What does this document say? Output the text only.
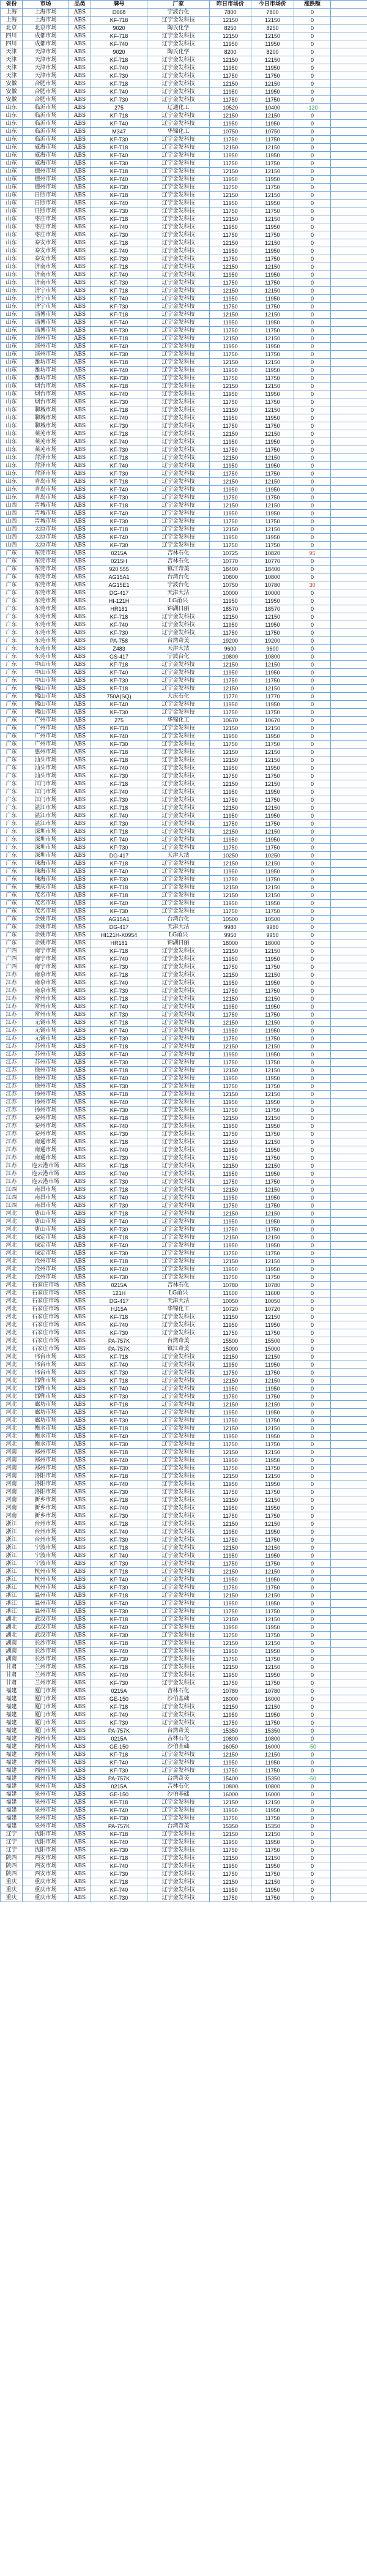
省份	市场	品类	牌号	厂家	昨日市场价	今日市场价	涨跌额	
上海	上海市场	ABS	D668	宁波台化	7800	7800	0	
上海	上海市场	ABS	KF-718	辽宁金发科技	12150	12150	0	
北京	北京市场	ABS	9020	陶氏化学	8250	8250	0	
四川	成都市场	ABS	KF-718	辽宁金发科技	12150	12150	0	
四川	成都市场	ABS	KF-740	辽宁金发科技	11950	11950	0	
天津	天津市场	ABS	9020	陶氏化学	8200	8200	0	
天津	天津市场	ABS	KF-718	辽宁金发科技	12150	12150	0	
天津	天津市场	ABS	KF-740	辽宁金发科技	11950	11950	0	
天津	天津市场	ABS	KF-730	辽宁金发科技	11750	11750	0	
安徽	合肥市场	ABS	KF-718	辽宁金发科技	12150	12150	0	
安徽	合肥市场	ABS	KF-740	辽宁金发科技	11950	11950	0	
安徽	合肥市场	ABS	KF-730	辽宁金发科技	11750	11750	0	
山东	临沂市场	ABS	275	辽通化工	10520	10400	-120	
山东	临沂市场	ABS	KF-718	辽宁金发科技	12150	12150	0	
山东	临沂市场	ABS	KF-740	辽宁金发科技	11950	11950	0	
山东	临沂市场	ABS	M347	华锦化工	10750	10750	0	
山东	临沂市场	ABS	KF-730	辽宁金发科技	11750	11750	0	
山东	威海市场	ABS	KF-718	辽宁金发科技	12150	12150	0	
山东	威海市场	ABS	KF-740	辽宁金发科技	11950	11950	0	
山东	威海市场	ABS	KF-730	辽宁金发科技	11750	11750	0	
山东	德州市场	ABS	KF-718	辽宁金发科技	12150	12150	0	
山东	德州市场	ABS	KF-740	辽宁金发科技	11950	11950	0	
山东	德州市场	ABS	KF-730	辽宁金发科技	11750	11750	0	
山东	日照市场	ABS	KF-718	辽宁金发科技	12150	12150	0	
山东	日照市场	ABS	KF-740	辽宁金发科技	11950	11950	0	
山东	日照市场	ABS	KF-730	辽宁金发科技	11750	11750	0	
山东	枣庄市场	ABS	KF-718	辽宁金发科技	12150	12150	0	
山东	枣庄市场	ABS	KF-740	辽宁金发科技	11950	11950	0	
山东	枣庄市场	ABS	KF-730	辽宁金发科技	11750	11750	0	
山东	泰安市场	ABS	KF-718	辽宁金发科技	12150	12150	0	
山东	泰安市场	ABS	KF-740	辽宁金发科技	11950	11950	0	
山东	泰安市场	ABS	KF-730	辽宁金发科技	11750	11750	0	
山东	济南市场	ABS	KF-718	辽宁金发科技	12150	12150	0	
山东	济南市场	ABS	KF-740	辽宁金发科技	11950	11950	0	
山东	济南市场	ABS	KF-730	辽宁金发科技	11750	11750	0	
山东	济宁市场	ABS	KF-718	辽宁金发科技	12150	12150	0	
山东	济宁市场	ABS	KF-740	辽宁金发科技	11950	11950	0	
山东	济宁市场	ABS	KF-730	辽宁金发科技	11750	11750	0	
山东	淄博市场	ABS	KF-718	辽宁金发科技	12150	12150	0	
山东	淄博市场	ABS	KF-740	辽宁金发科技	11950	11950	0	
山东	淄博市场	ABS	KF-730	辽宁金发科技	11750	11750	0	
山东	滨州市场	ABS	KF-718	辽宁金发科技	12150	12150	0	
山东	滨州市场	ABS	KF-740	辽宁金发科技	11950	11950	0	
山东	滨州市场	ABS	KF-730	辽宁金发科技	11750	11750	0	
山东	潍坊市场	ABS	KF-718	辽宁金发科技	12150	12150	0	
山东	潍坊市场	ABS	KF-740	辽宁金发科技	11950	11950	0	
山东	潍坊市场	ABS	KF-730	辽宁金发科技	11750	11750	0	
山东	烟台市场	ABS	KF-718	辽宁金发科技	12150	12150	0	
山东	烟台市场	ABS	KF-740	辽宁金发科技	11950	11950	0	
山东	烟台市场	ABS	KF-730	辽宁金发科技	11750	11750	0	
山东	聊城市场	ABS	KF-718	辽宁金发科技	12150	12150	0	
山东	聊城市场	ABS	KF-740	辽宁金发科技	11950	11950	0	
山东	聊城市场	ABS	KF-730	辽宁金发科技	11750	11750	0	
山东	莱芜市场	ABS	KF-718	辽宁金发科技	12150	12150	0	
山东	莱芜市场	ABS	KF-740	辽宁金发科技	11950	11950	0	
山东	莱芜市场	ABS	KF-730	辽宁金发科技	11750	11750	0	
山东	菏泽市场	ABS	KF-718	辽宁金发科技	12150	12150	0	
山东	菏泽市场	ABS	KF-740	辽宁金发科技	11950	11950	0	
山东	菏泽市场	ABS	KF-730	辽宁金发科技	11750	11750	0	
山东	青岛市场	ABS	KF-718	辽宁金发科技	12150	12150	0	
山东	青岛市场	ABS	KF-740	辽宁金发科技	11950	11950	0	
山东	青岛市场	ABS	KF-730	辽宁金发科技	11750	11750	0	
山西	晋城市场	ABS	KF-718	辽宁金发科技	12150	12150	0	
山西	晋城市场	ABS	KF-740	辽宁金发科技	11950	11950	0	
山西	晋城市场	ABS	KF-730	辽宁金发科技	11750	11750	0	
山西	太原市场	ABS	KF-718	辽宁金发科技	12150	12150	0	
山西	太原市场	ABS	KF-740	辽宁金发科技	11950	11950	0	
山西	太原市场	ABS	KF-730	辽宁金发科技	11750	11750	0	
广东	东莞市场	ABS	0215A	吉林石化	10725	10820	95	
广东	东莞市场	ABS	0215H	吉林石化	10770	10770	0	
广东	东莞市场	ABS	920 555	镇江奇美	18400	18400	0	
广东	东莞市场	ABS	AG15A1	台湾台化	10800	10800	0	
广东	东莞市场	ABS	AG15E1	宁波台化	10750	10780	30	
广东	东莞市场	ABS	DG-417	天津大沽	10000	10000	0	
广东	东莞市场	ABS	HI-121H	LG甬兴	11950	11950	0	
广东	东莞市场	ABS	HR181	锦湖日丽	18570	18570	0	
广东	东莞市场	ABS	KF-718	辽宁金发科技	12150	12150	0	
广东	东莞市场	ABS	KF-740	辽宁金发科技	11950	11950	0	
广东	东莞市场	ABS	KF-730	辽宁金发科技	11750	11750	0	
广东	东莞市场	ABS	PA-758	台湾奇美	19200	19200	0	
广东	东莞市场	ABS	Z483	天津大沽	9600	9600	0	
广东	东莞市场	ABS	GS-417	宁波台化	10800	10800	0	
广东	中山市场	ABS	KF-718	辽宁金发科技	12150	12150	0	
广东	中山市场	ABS	KF-740	辽宁金发科技	11950	11950	0	
广东	中山市场	ABS	KF-730	辽宁金发科技	11750	11750	0	
广东	佛山市场	ABS	KF-718	辽宁金发科技	12150	12150	0	
广东	佛山市场	ABS	750A(SQ)	大庆石化	11770	11770	0	
广东	佛山市场	ABS	KF-740	辽宁金发科技	11950	11950	0	
广东	佛山市场	ABS	KF-730	辽宁金发科技	11750	11750	0	
广东	广州市场	ABS	275	华锦化工	10670	10670	0	
广东	广州市场	ABS	KF-718	辽宁金发科技	12150	12150	0	
广东	广州市场	ABS	KF-740	辽宁金发科技	11950	11950	0	
广东	广州市场	ABS	KF-730	辽宁金发科技	11750	11750	0	
广东	惠州市场	ABS	KF-718	辽宁金发科技	12150	12150	0	
广东	汕头市场	ABS	KF-718	辽宁金发科技	12150	12150	0	
广东	汕头市场	ABS	KF-740	辽宁金发科技	11950	11950	0	
广东	汕头市场	ABS	KF-730	辽宁金发科技	11750	11750	0	
广东	江门市场	ABS	KF-718	辽宁金发科技	12150	12150	0	
广东	江门市场	ABS	KF-740	辽宁金发科技	11950	11950	0	
广东	江门市场	ABS	KF-730	辽宁金发科技	11750	11750	0	
广东	湛江市场	ABS	KF-718	辽宁金发科技	12150	12150	0	
广东	湛江市场	ABS	KF-740	辽宁金发科技	11950	11950	0	
广东	湛江市场	ABS	KF-730	辽宁金发科技	11750	11750	0	
广东	深圳市场	ABS	KF-718	辽宁金发科技	12150	12150	0	
广东	深圳市场	ABS	KF-740	辽宁金发科技	11950	11950	0	
广东	深圳市场	ABS	KF-730	辽宁金发科技	11750	11750	0	
广东	深圳市场	ABS	DG-417	天津大沽	10250	10250	0	
广东	珠海市场	ABS	KF-718	辽宁金发科技	12150	12150	0	
广东	珠海市场	ABS	KF-740	辽宁金发科技	11950	11950	0	
广东	珠海市场	ABS	KF-730	辽宁金发科技	11750	11750	0	
广东	肇庆市场	ABS	KF-718	辽宁金发科技	12150	12150	0	
广东	茂名市场	ABS	KF-718	辽宁金发科技	12150	12150	0	
广东	茂名市场	ABS	KF-740	辽宁金发科技	11950	11950	0	
广东	茂名市场	ABS	KF-730	辽宁金发科技	11750	11750	0	
广东	余姚市场	ABS	AG15A1	台湾台化	10500	10500	0	
广东	余姚市场	ABS	DG-417	天津大沽	9980	9980	0	
广东	余姚市场	ABS	HI121H-X0954	LG甬兴	9950	9950	0	
广东	余姚市场	ABS	HR181	锦湖日丽	18000	18000	0	
广西	南宁市场	ABS	KF-718	辽宁金发科技	12150	12150	0	
广西	南宁市场	ABS	KF-740	辽宁金发科技	11950	11950	0	
广西	南宁市场	ABS	KF-730	辽宁金发科技	11750	11750	0	
江苏	南京市场	ABS	KF-718	辽宁金发科技	12150	12150	0	
江苏	南京市场	ABS	KF-740	辽宁金发科技	11950	11950	0	
江苏	南京市场	ABS	KF-730	辽宁金发科技	11750	11750	0	
江苏	常州市场	ABS	KF-718	辽宁金发科技	12150	12150	0	
江苏	常州市场	ABS	KF-740	辽宁金发科技	11950	11950	0	
江苏	常州市场	ABS	KF-730	辽宁金发科技	11750	11750	0	
江苏	无锡市场	ABS	KF-718	辽宁金发科技	12150	12150	0	
江苏	无锡市场	ABS	KF-740	辽宁金发科技	11950	11950	0	
江苏	无锡市场	ABS	KF-730	辽宁金发科技	11750	11750	0	
江苏	苏州市场	ABS	KF-718	辽宁金发科技	12150	12150	0	
江苏	苏州市场	ABS	KF-740	辽宁金发科技	11950	11950	0	
江苏	苏州市场	ABS	KF-730	辽宁金发科技	11750	11750	0	
江苏	徐州市场	ABS	KF-718	辽宁金发科技	12150	12150	0	
江苏	徐州市场	ABS	KF-740	辽宁金发科技	11950	11950	0	
江苏	徐州市场	ABS	KF-730	辽宁金发科技	11750	11750	0	
江苏	扬州市场	ABS	KF-718	辽宁金发科技	12150	12150	0	
江苏	扬州市场	ABS	KF-740	辽宁金发科技	11950	11950	0	
江苏	扬州市场	ABS	KF-730	辽宁金发科技	11750	11750	0	
江苏	泰州市场	ABS	KF-718	辽宁金发科技	12150	12150	0	
江苏	泰州市场	ABS	KF-740	辽宁金发科技	11950	11950	0	
江苏	泰州市场	ABS	KF-730	辽宁金发科技	11750	11750	0	
江苏	南通市场	ABS	KF-718	辽宁金发科技	12150	12150	0	
江苏	南通市场	ABS	KF-740	辽宁金发科技	11950	11950	0	
江苏	南通市场	ABS	KF-730	辽宁金发科技	11750	11750	0	
江苏	连云港市场	ABS	KF-718	辽宁金发科技	12150	12150	0	
江苏	连云港市场	ABS	KF-740	辽宁金发科技	11950	11950	0	
江苏	连云港市场	ABS	KF-730	辽宁金发科技	11750	11750	0	
江西	南昌市场	ABS	KF-718	辽宁金发科技	12150	12150	0	
江西	南昌市场	ABS	KF-740	辽宁金发科技	11950	11950	0	
江西	南昌市场	ABS	KF-730	辽宁金发科技	11750	11750	0	
河北	唐山市场	ABS	KF-718	辽宁金发科技	12150	12150	0	
河北	唐山市场	ABS	KF-740	辽宁金发科技	11950	11950	0	
河北	唐山市场	ABS	KF-730	辽宁金发科技	11750	11750	0	
河北	保定市场	ABS	KF-718	辽宁金发科技	12150	12150	0	
河北	保定市场	ABS	KF-740	辽宁金发科技	11950	11950	0	
河北	保定市场	ABS	KF-730	辽宁金发科技	11750	11750	0	
河北	沧州市场	ABS	KF-718	辽宁金发科技	12150	12150	0	
河北	沧州市场	ABS	KF-740	辽宁金发科技	11950	11950	0	
河北	沧州市场	ABS	KF-730	辽宁金发科技	11750	11750	0	
河北	石家庄市场	ABS	0215A	吉林石化	10780	10780	0	
河北	石家庄市场	ABS	121H	LG甬兴	11600	11600	0	
河北	石家庄市场	ABS	DG-417	天津大沽	10050	10050	0	
河北	石家庄市场	ABS	HJ15A	华锦化工	10720	10720	0	
河北	石家庄市场	ABS	KF-718	辽宁金发科技	12150	12150	0	
河北	石家庄市场	ABS	KF-740	辽宁金发科技	11950	11950	0	
河北	石家庄市场	ABS	KF-730	辽宁金发科技	11750	11750	0	
河北	石家庄市场	ABS	PA-757K	台湾奇美	15500	15500	0	
河北	石家庄市场	ABS	PA-757K	镇江奇美	15000	15000	0	
河北	邢台市场	ABS	KF-718	辽宁金发科技	12150	12150	0	
河北	邢台市场	ABS	KF-740	辽宁金发科技	11950	11950	0	
河北	邢台市场	ABS	KF-730	辽宁金发科技	11750	11750	0	
河北	邯郸市场	ABS	KF-718	辽宁金发科技	12150	12150	0	
河北	邯郸市场	ABS	KF-740	辽宁金发科技	11950	11950	0	
河北	邯郸市场	ABS	KF-730	辽宁金发科技	11750	11750	0	
河北	廊坊市场	ABS	KF-718	辽宁金发科技	12150	12150	0	
河北	廊坊市场	ABS	KF-740	辽宁金发科技	11950	11950	0	
河北	廊坊市场	ABS	KF-730	辽宁金发科技	11750	11750	0	
河北	衡水市场	ABS	KF-718	辽宁金发科技	12150	12150	0	
河北	衡水市场	ABS	KF-740	辽宁金发科技	11950	11950	0	
河北	衡水市场	ABS	KF-730	辽宁金发科技	11750	11750	0	
河南	郑州市场	ABS	KF-718	辽宁金发科技	12150	12150	0	
河南	郑州市场	ABS	KF-740	辽宁金发科技	11950	11950	0	
河南	郑州市场	ABS	KF-730	辽宁金发科技	11750	11750	0	
河南	洛阳市场	ABS	KF-718	辽宁金发科技	12150	12150	0	
河南	洛阳市场	ABS	KF-740	辽宁金发科技	11950	11950	0	
河南	洛阳市场	ABS	KF-730	辽宁金发科技	11750	11750	0	
河南	新乡市场	ABS	KF-718	辽宁金发科技	12150	12150	0	
河南	新乡市场	ABS	KF-740	辽宁金发科技	11950	11950	0	
河南	新乡市场	ABS	KF-730	辽宁金发科技	11750	11750	0	
浙江	台州市场	ABS	KF-718	辽宁金发科技	12150	12150	0	
浙江	台州市场	ABS	KF-740	辽宁金发科技	11950	11950	0	
浙江	台州市场	ABS	KF-730	辽宁金发科技	11750	11750	0	
浙江	宁波市场	ABS	KF-718	辽宁金发科技	12150	12150	0	
浙江	宁波市场	ABS	KF-740	辽宁金发科技	11950	11950	0	
浙江	宁波市场	ABS	KF-730	辽宁金发科技	11750	11750	0	
浙江	杭州市场	ABS	KF-718	辽宁金发科技	12150	12150	0	
浙江	杭州市场	ABS	KF-740	辽宁金发科技	11950	11950	0	
浙江	杭州市场	ABS	KF-730	辽宁金发科技	11750	11750	0	
浙江	温州市场	ABS	KF-718	辽宁金发科技	12150	12150	0	
浙江	温州市场	ABS	KF-740	辽宁金发科技	11950	11950	0	
浙江	温州市场	ABS	KF-730	辽宁金发科技	11750	11750	0	
湖北	武汉市场	ABS	KF-718	辽宁金发科技	12150	12150	0	
湖北	武汉市场	ABS	KF-740	辽宁金发科技	11950	11950	0	
湖北	武汉市场	ABS	KF-730	辽宁金发科技	11750	11750	0	
湖南	长沙市场	ABS	KF-718	辽宁金发科技	12150	12150	0	
湖南	长沙市场	ABS	KF-740	辽宁金发科技	11950	11950	0	
湖南	长沙市场	ABS	KF-730	辽宁金发科技	11750	11750	0	
甘肃	兰州市场	ABS	KF-718	辽宁金发科技	12150	12150	0	
甘肃	兰州市场	ABS	KF-740	辽宁金发科技	11950	11950	0	
甘肃	兰州市场	ABS	KF-730	辽宁金发科技	11750	11750	0	
福建	厦门市场	ABS	0215A	吉林石化	10780	10780	0	
福建	厦门市场	ABS	GE-150	沙伯基础	16000	16000	0	
福建	厦门市场	ABS	KF-718	辽宁金发科技	12150	12150	0	
福建	厦门市场	ABS	KF-740	辽宁金发科技	11950	11950	0	
福建	厦门市场	ABS	KF-730	辽宁金发科技	11750	11750	0	
福建	厦门市场	ABS	PA-757K	台湾奇美	15350	15350	0	
福建	福州市场	ABS	0215A	吉林石化	10800	10800	0	
福建	福州市场	ABS	GE-150	沙伯基础	16050	16000	-50	
福建	福州市场	ABS	KF-718	辽宁金发科技	12150	12150	0	
福建	福州市场	ABS	KF-740	辽宁金发科技	11950	11950	0	
福建	福州市场	ABS	KF-730	辽宁金发科技	11750	11750	0	
福建	福州市场	ABS	PA-757K	台湾奇美	15400	15350	-50	
福建	泉州市场	ABS	0215A	吉林石化	10800	10800	0	
福建	泉州市场	ABS	GE-150	沙伯基础	16000	16000	0	
福建	泉州市场	ABS	KF-718	辽宁金发科技	12150	12150	0	
福建	泉州市场	ABS	KF-740	辽宁金发科技	11950	11950	0	
福建	泉州市场	ABS	KF-730	辽宁金发科技	11750	11750	0	
福建	泉州市场	ABS	PA-757K	台湾奇美	15350	15350	0	
辽宁	沈阳市场	ABS	KF-718	辽宁金发科技	12150	12150	0	
辽宁	沈阳市场	ABS	KF-740	辽宁金发科技	11950	11950	0	
辽宁	沈阳市场	ABS	KF-730	辽宁金发科技	11750	11750	0	
陕西	西安市场	ABS	KF-718	辽宁金发科技	12150	12150	0	
陕西	西安市场	ABS	KF-740	辽宁金发科技	11950	11950	0	
陕西	西安市场	ABS	KF-730	辽宁金发科技	11750	11750	0	
重庆	重庆市场	ABS	KF-718	辽宁金发科技	12150	12150	0	
重庆	重庆市场	ABS	KF-740	辽宁金发科技	11950	11950	0	
重庆	重庆市场	ABS	KF-730	辽宁金发科技	11750	11750	0	
